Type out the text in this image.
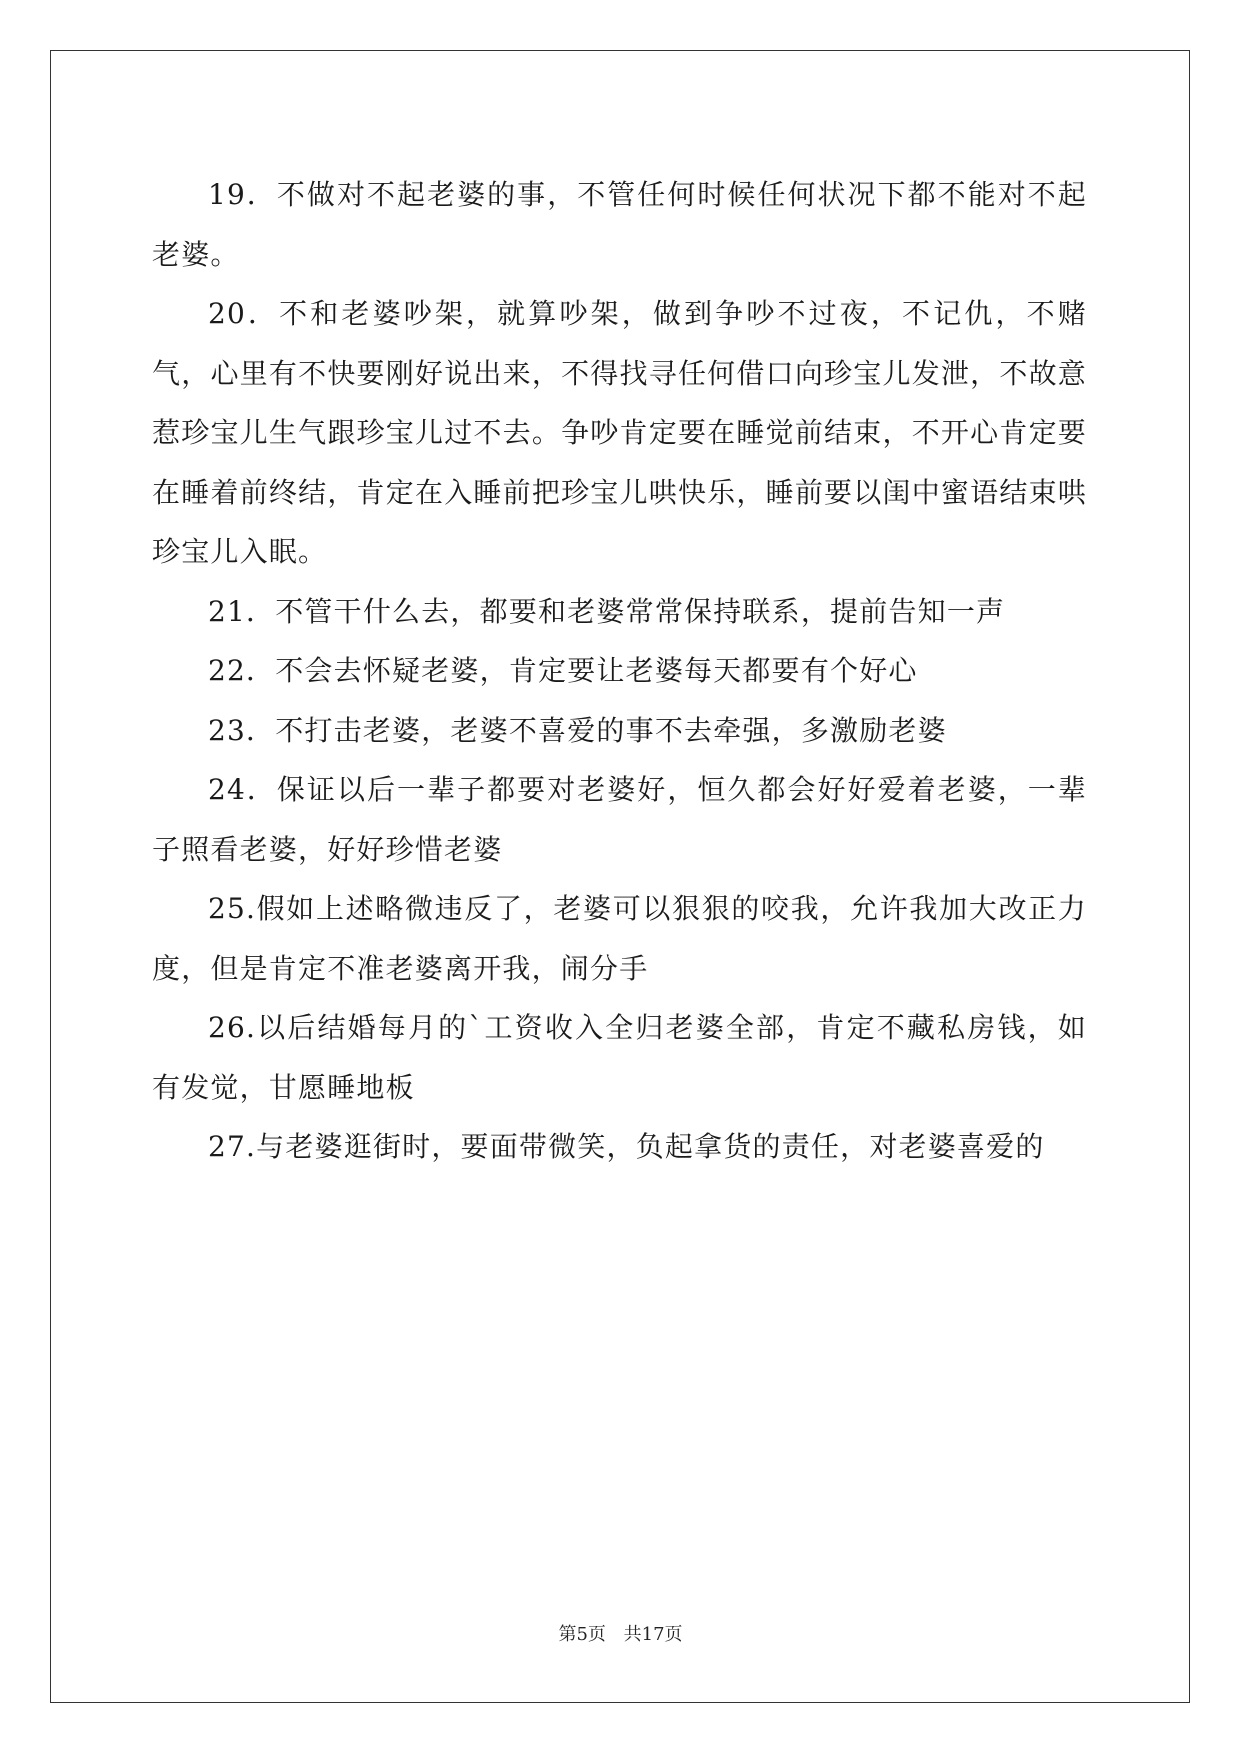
19．不做对不起老婆的事，不管任何时候任何状况下都不能对不起老婆。

20．不和老婆吵架，就算吵架，做到争吵不过夜，不记仇，不赌气，心里有不快要刚好说出来，不得找寻任何借口向珍宝儿发泄，不故意惹珍宝儿生气跟珍宝儿过不去。争吵肯定要在睡觉前结束，不开心肯定要在睡着前终结，肯定在入睡前把珍宝儿哄快乐，睡前要以闺中蜜语结束哄珍宝儿入眠。

21．不管干什么去，都要和老婆常常保持联系，提前告知一声

22．不会去怀疑老婆，肯定要让老婆每天都要有个好心

23．不打击老婆，老婆不喜爱的事不去牵强，多激励老婆

24．保证以后一辈子都要对老婆好，恒久都会好好爱着老婆，一辈子照看老婆，好好珍惜老婆

25.假如上述略微违反了，老婆可以狠狠的咬我，允许我加大改正力度，但是肯定不准老婆离开我，闹分手

26.以后结婚每月的`工资收入全归老婆全部，肯定不藏私房钱，如有发觉，甘愿睡地板

27.与老婆逛街时，要面带微笑，负起拿货的责任，对老婆喜爱的

第5页 共17页
